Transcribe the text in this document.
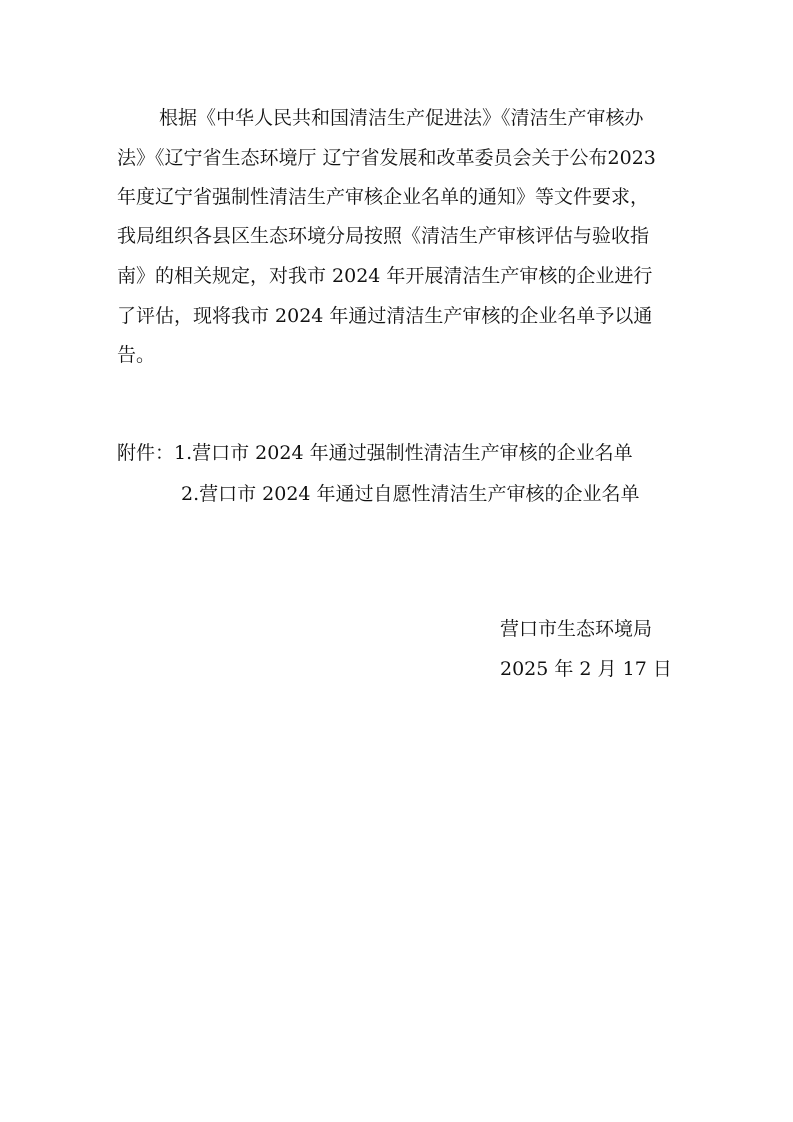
根据《中华人民共和国清洁生产促进法》《清洁生产审核办
法》《辽宁省生态环境厅 辽宁省发展和改革委员会关于公布2023
年度辽宁省强制性清洁生产审核企业名单的通知》等文件要求，
我局组织各县区生态环境分局按照《清洁生产审核评估与验收指
南》的相关规定，对我市 2024 年开展清洁生产审核的企业进行
了评估，现将我市 2024 年通过清洁生产审核的企业名单予以通
告。
附件：1.营口市 2024 年通过强制性清洁生产审核的企业名单
2.营口市 2024 年通过自愿性清洁生产审核的企业名单
营口市生态环境局
2025 年 2 月 17 日
